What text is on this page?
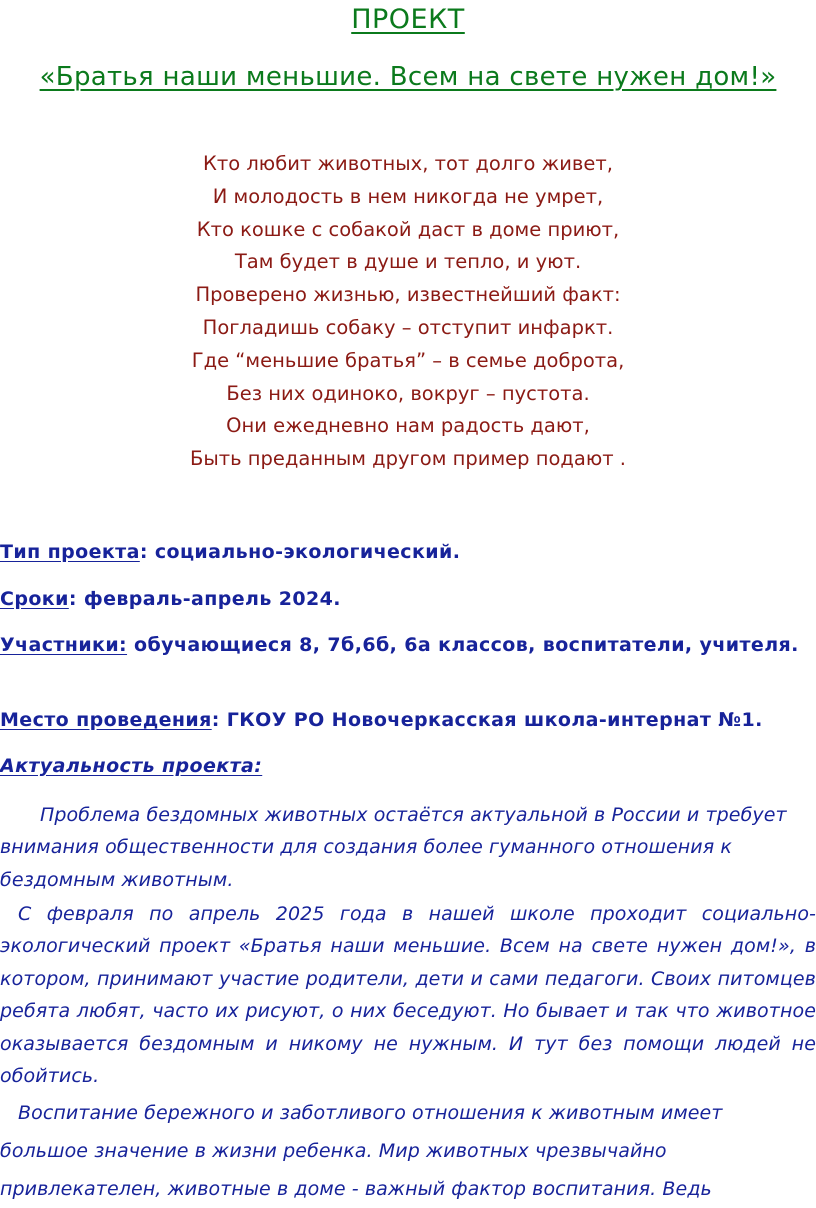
ПРОЕКТ
«Братья наши меньшие. Всем на свете нужен дом!»
Кто любит животных, тот долго живет,
И молодость в нем никогда не умрет,
Кто кошке с собакой даст в доме приют,
Там будет в душе и тепло, и уют.
Проверено жизнью, известнейший факт:
Погладишь собаку – отступит инфаркт.
Где “меньшие братья” – в семье доброта,
Без них одиноко, вокруг – пустота.
Они ежедневно нам радость дают,
Быть преданным другом пример подают .

Тип проекта: социально-экологический.

Сроки: февраль-апрель 2024.

Участники: обучающиеся 8, 7б,6б, 6а классов, воспитатели, учителя.

Место проведения: ГКОУ РО Новочеркасская школа-интернат №1.

Актуальность проекта:

Проблема бездомных животных остаётся актуальной в России и требует внимания общественности для создания более гуманного отношения к бездомным животным.

С февраля по апрель 2025 года в нашей школе проходит социально-экологический проект «Братья наши меньшие. Всем на свете нужен дом!», в котором, принимают участие родители, дети и сами педагоги. Своих питомцев ребята любят, часто их рисуют, о них беседуют. Но бывает и так что животное оказывается бездомным и никому не нужным. И тут без помощи людей не обойтись.

Воспитание бережного и заботливого отношения к животным имеет большое значение в жизни ребенка. Мир животных чрезвычайно привлекателен, животные в доме - важный фактор воспитания. Ведь
